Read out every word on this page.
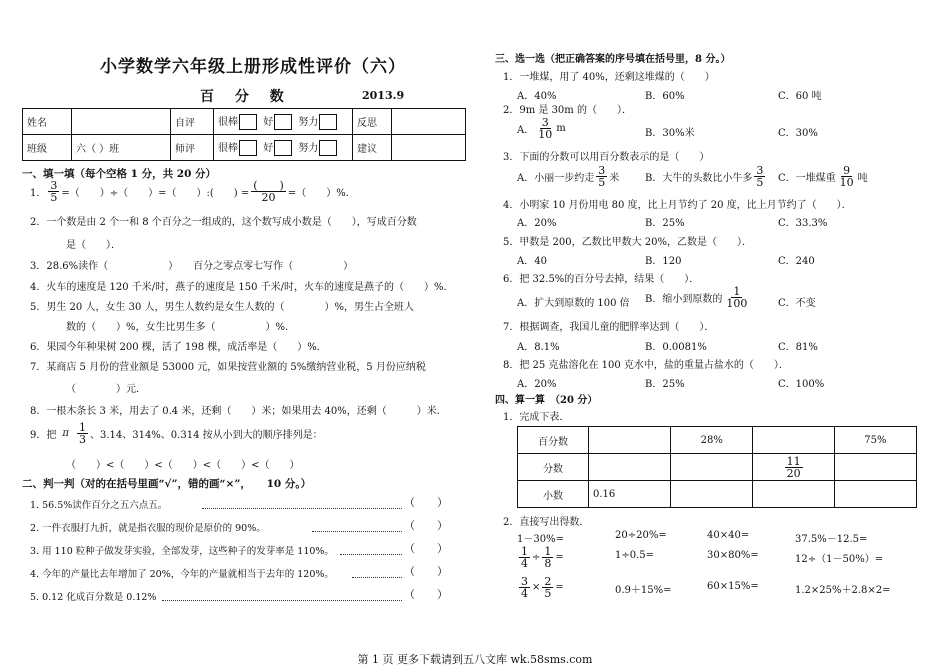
小学数学六年级上册形成性评价（六）
百 分 数	2013.9
姓名		自评	很棒 好 努力	反思	
班级	六（ ）班	师评	很棒 好 努力	建议	
一、填一填（每个空格 1 分，共 20 分）
1． $\frac{3}{5}$ =（　　）÷（　　）=（　　）:(　　) = $\frac{( )}{20}$ =（　　）%．
2．一个数是由 2 个一和 8 个百分之一组成的，这个数写成小数是（　　），写成百分数
是（　　）．
3．28.6%读作（　　　　　　）　　百分之零点零七写作（　　　　　）
4．火车的速度是 120 千米/时，燕子的速度是 150 千米/时，火车的速度是燕子的（　　）%．
5．男生 20 人，女生 30 人，男生人数约是女生人数的（　　　　）%，男生占全班人
数的（　　）%，女生比男生多（　　　　　）%．
6．果园今年种果树 200 棵，活了 198 棵，成活率是（　　）%．
7．某商店 5 月份的营业额是 53000 元，如果按营业额的 5%缴纳营业税，5 月份应纳税
（　　　　）元．
8．一根木条长 3 米，用去了 0.4 米，还剩（　　）米；如果用去 40%，还剩（　　　）米．
9．把 π $\frac{1}{3}$ 、3.14̇、314%、0.314 按从小到大的顺序排列是：
（　　）<（　　）<（　　）<（　　）<（　　）
二、判一判（对的在括号里画“√”，错的画“×”，　　10 分。）
1. 56.5%读作百分之五六点五。	（　　）
2. 一件衣服打九折，就是指衣服的现价是原价的 90%。	（　　）
3. 用 110 粒种子做发芽实验，全部发芽，这些种子的发芽率是 110%。	（　　）
4. 今年的产量比去年增加了 20%，今年的产量就相当于去年的 120%。	（　　）
5. 0.12 化成百分数是 0.12%	（　　）
三、选一选（把正确答案的序号填在括号里，8 分。）
1．一堆煤，用了 40%，还剩这堆煤的（　　）
A．40%	B．60%	C．60 吨
2．9m 是 30m 的（　　）．
A． $\frac{3}{10}$ m	B．30%米	C．30%
3．下面的分数可以用百分数表示的是（　　）
A．小丽一步约走 $\frac{3}{5}$ 米	B．大牛的头数比小牛多 $\frac{3}{5}$ C．一堆煤重 $\frac{9}{10}$ 吨
4．小明家 10 月份用电 80 度，比上月节约了 20 度，比上月节约了（　　）．
A．20%	B．25%	C．33.3%
5．甲数是 200，乙数比甲数大 20%，乙数是（　　）．
A．40	B．120	C．240
6．把 32.5%的百分号去掉，结果（　　）．
A．扩大到原数的 100 倍 B．缩小到原数的 $\frac{1}{100}$	C．不变
7．根据调查，我国儿童的肥胖率达到（　　）．
A．8.1%	B．0.0081%	C．81%
8．把 25 克盐溶化在 100 克水中，盐的重量占盐水的（　　）．
A．20%	B．25%	C．100%
四、算一算　（20 分）
1．完成下表．
百分数		28%		75%
分数			$\frac{11}{20}$

小数	0.16			
2．直接写出得数．
1－30%=	20÷20%=	40×40=	37.5%－12.5=
$\frac{1}{4} \div \frac{1}{8}$ =	1÷0.5=	30×80%=	12÷（1－50%）=
$\frac{3}{4} \times \frac{2}{5}$ =	0.9＋15%=	60×15%=	1.2×25%＋2.8×2=
第 1 页 更多下载请到五八文库 wk.58sms.com
